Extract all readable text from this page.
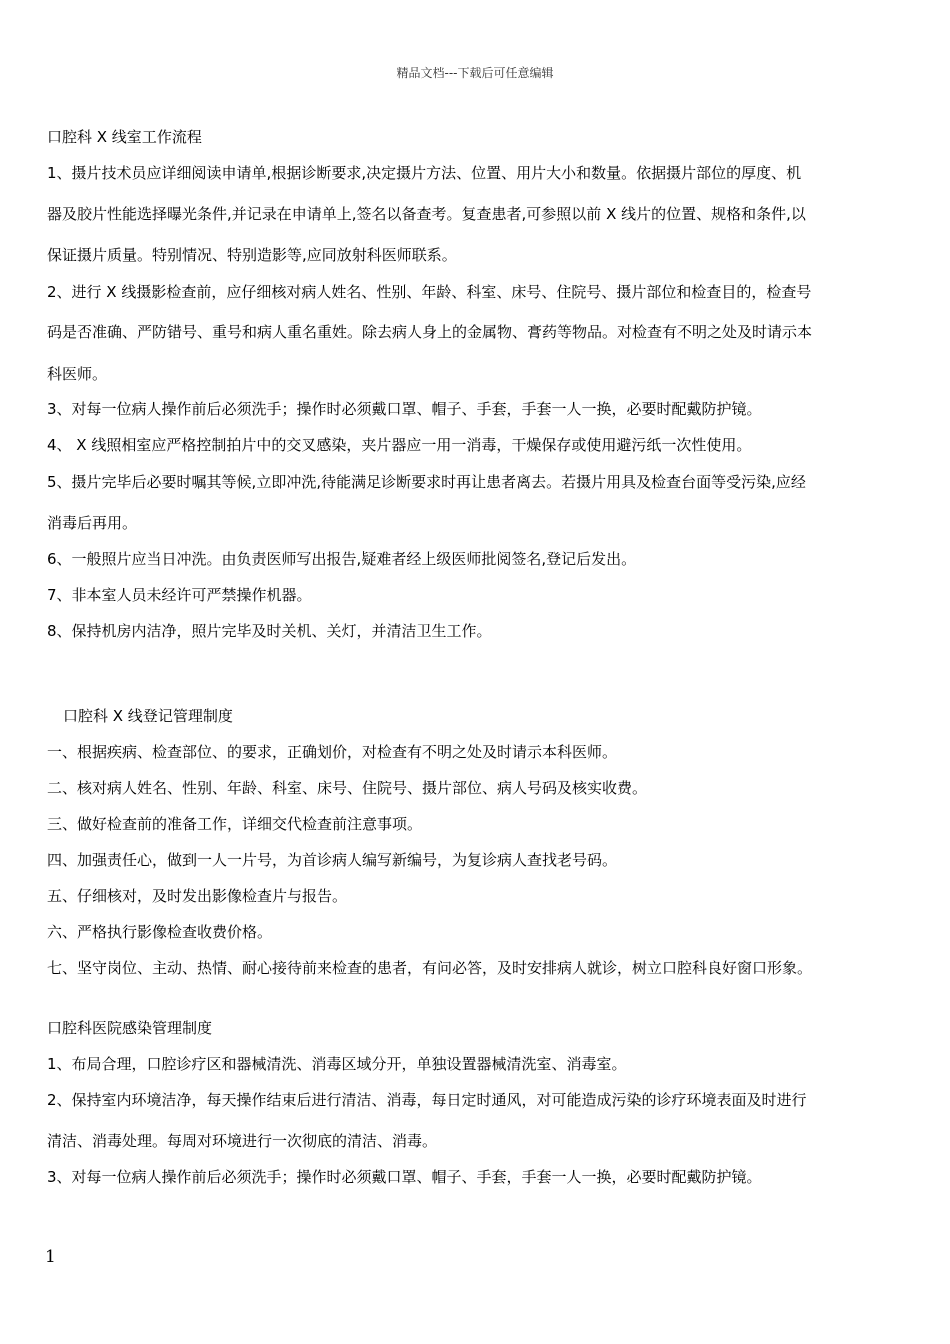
精品文档---下载后可任意编辑
口腔科 X 线室工作流程
1、摄片技术员应详细阅读申请单,根据诊断要求,决定摄片方法、位置、用片大小和数量。依据摄片部位的厚度、机
器及胶片性能选择曝光条件,并记录在申请单上,签名以备查考。复查患者,可参照以前 X 线片的位置、规格和条件,以
保证摄片质量。特别情况、特别造影等,应同放射科医师联系。
2、进行 X 线摄影检查前，应仔细核对病人姓名、性别、年龄、科室、床号、住院号、摄片部位和检查目的，检查号
码是否准确、严防错号、重号和病人重名重姓。除去病人身上的金属物、膏药等物品。对检查有不明之处及时请示本
科医师。
3、对每一位病人操作前后必须洗手；操作时必须戴口罩、帽子、手套，手套一人一换，必要时配戴防护镜。
4、 X 线照相室应严格控制拍片中的交叉感染，夹片器应一用一消毒，干燥保存或使用避污纸一次性使用。
5、摄片完毕后必要时嘱其等候,立即冲洗,待能满足诊断要求时再让患者离去。若摄片用具及检查台面等受污染,应经
消毒后再用。
6、一般照片应当日冲洗。由负责医师写出报告,疑难者经上级医师批阅签名,登记后发出。
7、非本室人员未经许可严禁操作机器。
8、保持机房内洁净，照片完毕及时关机、关灯，并清洁卫生工作。
口腔科 X 线登记管理制度
一、根据疾病、检查部位、的要求，正确划价，对检查有不明之处及时请示本科医师。
二、核对病人姓名、性别、年龄、科室、床号、住院号、摄片部位、病人号码及核实收费。
三、做好检查前的准备工作，详细交代检查前注意事项。
四、加强责任心，做到一人一片号，为首诊病人编写新编号，为复诊病人查找老号码。
五、仔细核对，及时发出影像检查片与报告。
六、严格执行影像检查收费价格。
七、坚守岗位、主动、热情、耐心接待前来检查的患者，有问必答，及时安排病人就诊，树立口腔科良好窗口形象。
口腔科医院感染管理制度
1、布局合理，口腔诊疗区和器械清洗、消毒区域分开，单独设置器械清洗室、消毒室。
2、保持室内环境洁净，每天操作结束后进行清洁、消毒，每日定时通风，对可能造成污染的诊疗环境表面及时进行
清洁、消毒处理。每周对环境进行一次彻底的清洁、消毒。
3、对每一位病人操作前后必须洗手；操作时必须戴口罩、帽子、手套，手套一人一换，必要时配戴防护镜。
1
